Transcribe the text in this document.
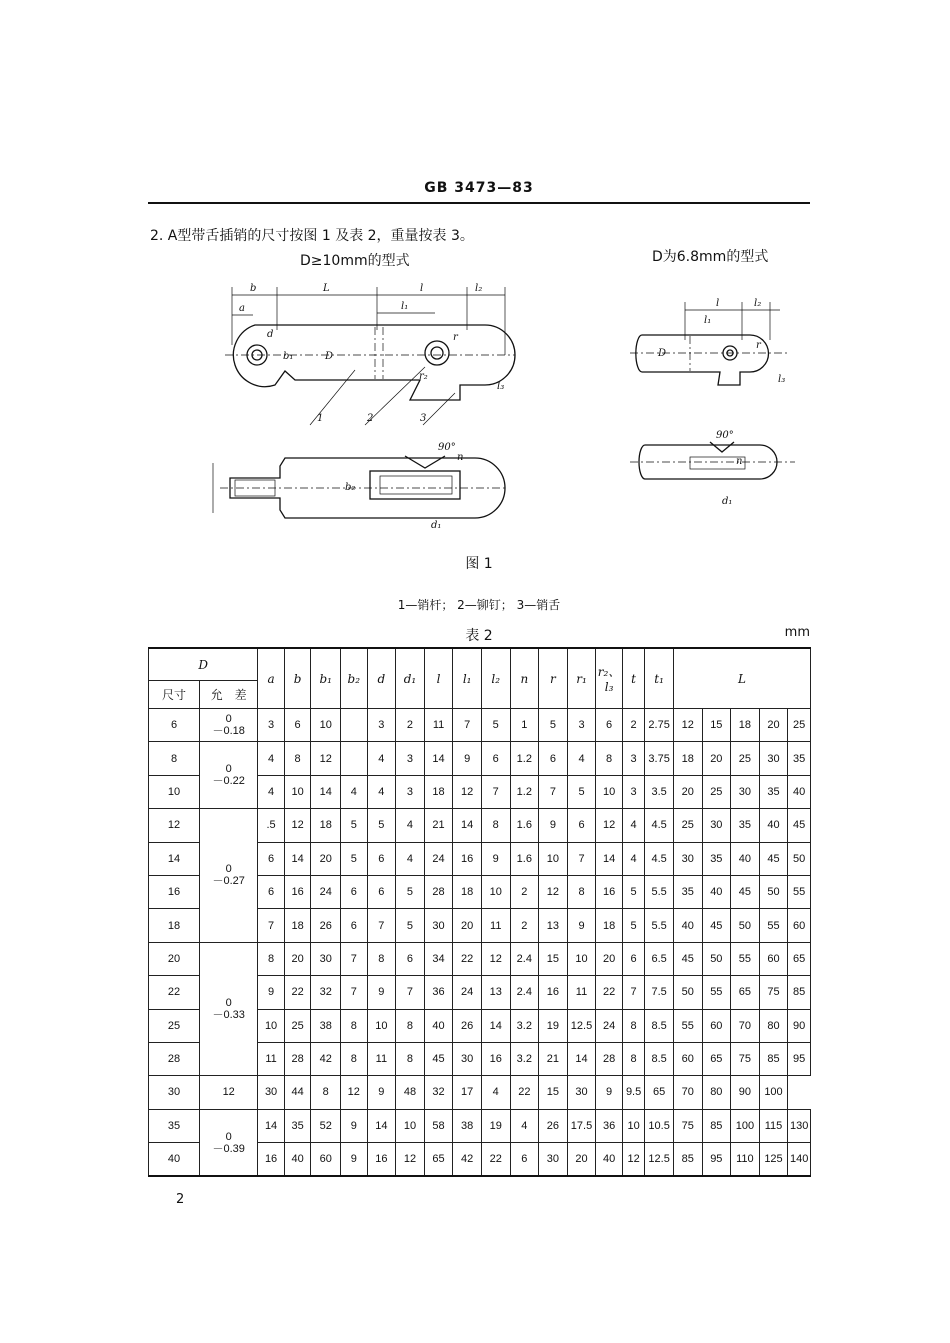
GB 3473—83
2. A型带舌插销的尺寸按图 1 及表 2，重量按表 3。
D≥10mm的型式	D为6.8mm的型式
b	L	l	l₂
a	l₁
d
b₁	D
r
l₃
r₂
1	2	3
90°
n
b₂
d₁
l	l₂
l₁
D
l₃
r
90°
n
d₁
图 1
1—销杆； 2—铆钉； 3—销舌
表 2	mm
D		a	b	b₁	b₂	d	d₁	l	l₁	l₂	n	r	r₁	r₂、l₃	t	t₁	L				
尺寸	允　差																				
6	0
－0.18	3	6	10		3	2	11	7	5	1	5	3	6	2	2.75	12	15	18	20	25
8	0
－0.22	4	8	12		4	3	14	9	6	1.2	6	4	8	3	3.75	18	20	25	30	35
10		4	10	14	4	4	3	18	12	7	1.2	7	5	10	3	3.5	20	25	30	35	40
12	0
－0.27	.5	12	18	5	5	4	21	14	8	1.6	9	6	12	4	4.5	25	30	35	40	45
14		6	14	20	5	6	4	24	16	9	1.6	10	7	14	4	4.5	30	35	40	45	50
16		6	16	24	6	6	5	28	18	10	2	12	8	16	5	5.5	35	40	45	50	55
18		7	18	26	6	7	5	30	20	11	2	13	9	18	5	5.5	40	45	50	55	60
20	0
－0.33	8	20	30	7	8	6	34	22	12	2.4	15	10	20	6	6.5	45	50	55	60	65
22		9	22	32	7	9	7	36	24	13	2.4	16	11	22	7	7.5	50	55	65	75	85
25		10	25	38	8	10	8	40	26	14	3.2	19	12.5	24	8	8.5	55	60	70	80	90
28		11	28	42	8	11	8	45	30	16	3.2	21	14	28	8	8.5	60	65	75	85	95
30	12	30	44	8	12	9	48	32	17	4	22	15	30	9	9.5	65	70	80	90	100	
35	0
－0.39	14	35	52	9	14	10	58	38	19	4	26	17.5	36	10	10.5	75	85	100	115	130
40		16	40	60	9	16	12	65	42	22	6	30	20	40	12	12.5	85	95	110	125	140
2
